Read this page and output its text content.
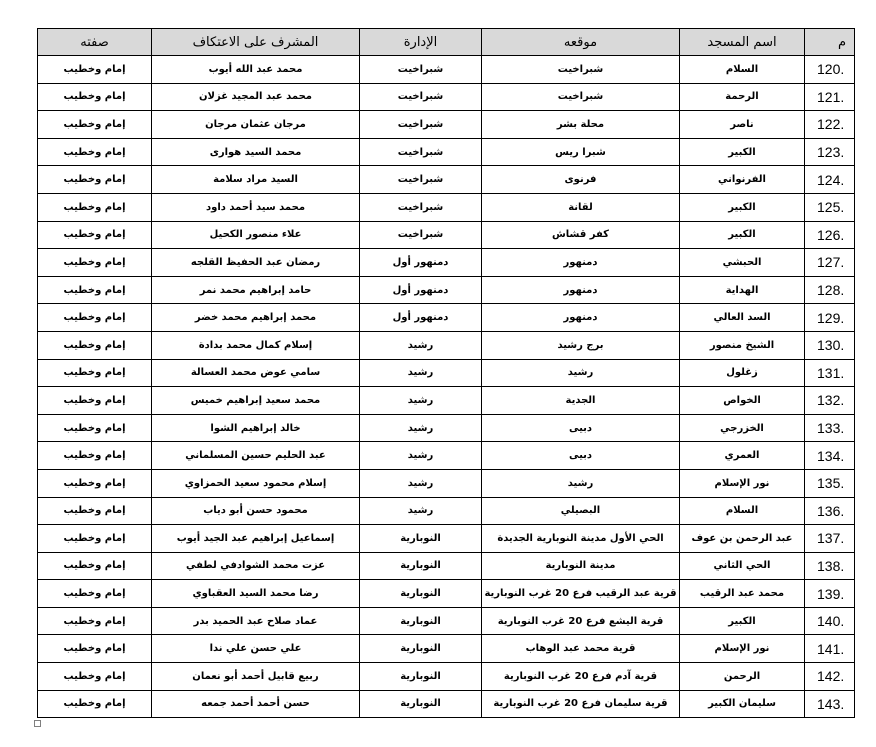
م	اسم المسجد	موقعه	الإدارة	المشرف على الاعتكاف	صفته
120.	السلام	شبراخيت	شبراخيت	محمد عبد الله أيوب	إمام وخطيب
121.	الرحمة	شبراخيت	شبراخيت	محمد عبد المجيد غزلان	إمام وخطيب
122.	ناصر	محلة بشر	شبراخيت	مرجان عثمان مرجان	إمام وخطيب
123.	الكبير	شبرا ريس	شبراخيت	محمد السيد هوارى	إمام وخطيب
124.	الفرنواني	فرنوى	شبراخيت	السيد مراد سلامة	إمام وخطيب
125.	الكبير	لقانة	شبراخيت	محمد سيد أحمد داود	إمام وخطيب
126.	الكبير	كفر قشاش	شبراخيت	علاء منصور الكحيل	إمام وخطيب
127.	الحبشي	دمنهور	دمنهور أول	رمضان عبد الحفيظ القلجه	إمام وخطيب
128.	الهداية	دمنهور	دمنهور أول	حامد إبراهيم محمد نمر	إمام وخطيب
129.	السد العالي	دمنهور	دمنهور أول	محمد إبراهيم محمد خضر	إمام وخطيب
130.	الشيخ منصور	برج رشيد	رشيد	إسلام كمال محمد بدادة	إمام وخطيب
131.	زغلول	رشيد	رشيد	سامي عوض محمد العسالة	إمام وخطيب
132.	الخواص	الجدية	رشيد	محمد سعيد إبراهيم خميس	إمام وخطيب
133.	الخزرجي	دبيى	رشيد	خالد إبراهيم الشوا	إمام وخطيب
134.	العمري	دبيى	رشيد	عبد الحليم حسين المسلماني	إمام وخطيب
135.	نور الإسلام	رشيد	رشيد	إسلام محمود سعيد الحمزاوي	إمام وخطيب
136.	السلام	البصيلي	رشيد	محمود حسن أبو دياب	إمام وخطيب
137.	عبد الرحمن بن عوف	الحي الأول مدينة النوبارية الجديدة	النوبارية	إسماعيل إبراهيم عبد الجيد أيوب	إمام وخطيب
138.	الحي الثاني	مدينة النوبارية	النوبارية	عزت محمد الشوادفي لطفي	إمام وخطيب
139.	محمد عبد الرقيب	قرية عبد الرقيب فرع 20 غرب النوبارية	النوبارية	رضا محمد السيد العقباوي	إمام وخطيب
140.	الكبير	قرية اليشع فرع 20 غرب النوبارية	النوبارية	عماد صلاح عبد الحميد بدر	إمام وخطيب
141.	نور الإسلام	قرية محمد عبد الوهاب	النوبارية	علي حسن علي ندا	إمام وخطيب
142.	الرحمن	قرية آدم فرع 20 غرب النوبارية	النوبارية	ربيع قابيل أحمد أبو نعمان	إمام وخطيب
143.	سليمان الكبير	قرية سليمان فرع 20 غرب النوبارية	النوبارية	حسن أحمد أحمد جمعه	إمام وخطيب
